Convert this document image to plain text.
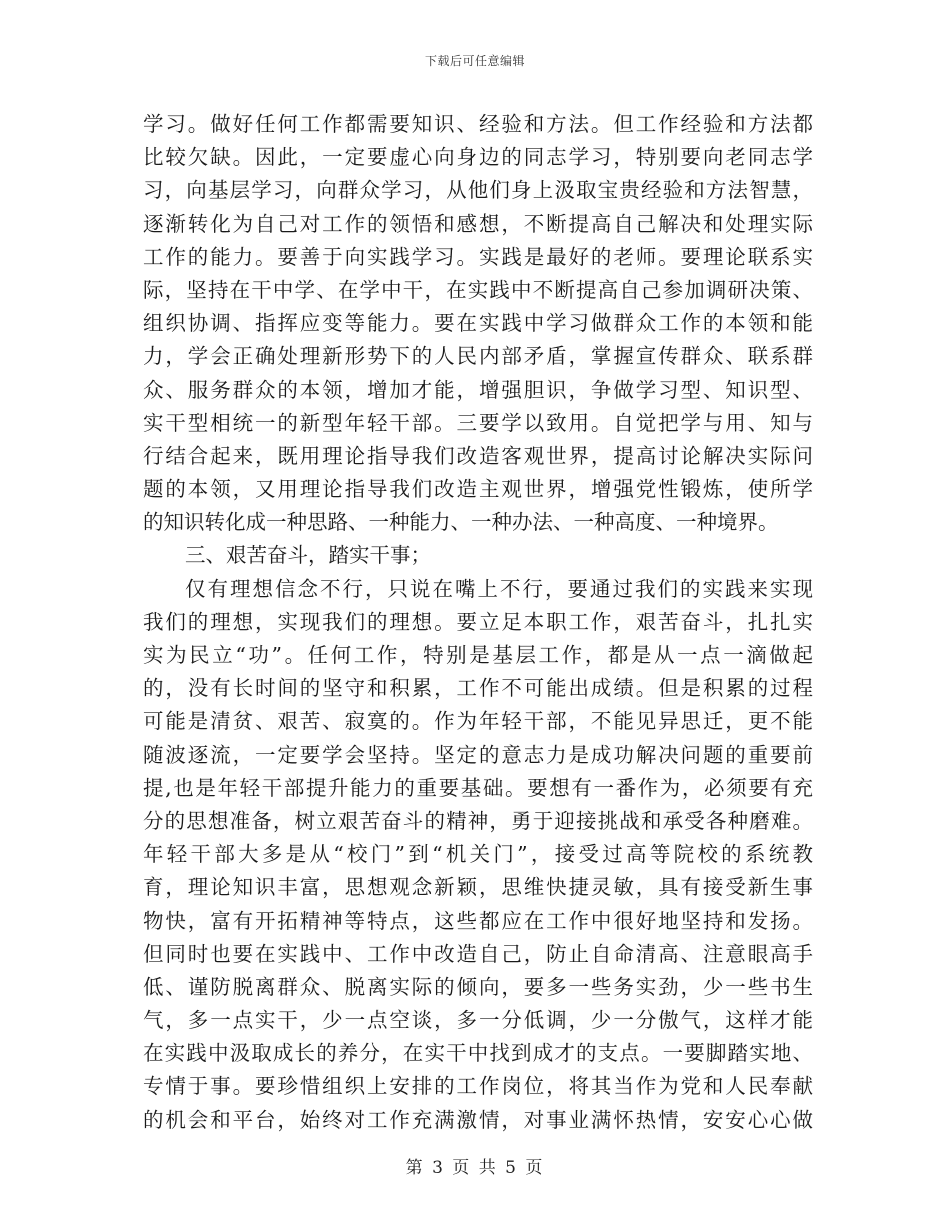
下载后可任意编辑
学习。做好任何工作都需要知识、经验和方法。但工作经验和方法都
比较欠缺。因此，一定要虚心向身边的同志学习，特别要向老同志学
习，向基层学习，向群众学习，从他们身上汲取宝贵经验和方法智慧，
逐渐转化为自己对工作的领悟和感想，不断提高自己解决和处理实际
工作的能力。要善于向实践学习。实践是最好的老师。要理论联系实
际，坚持在干中学、在学中干，在实践中不断提高自己参加调研决策、
组织协调、指挥应变等能力。要在实践中学习做群众工作的本领和能
力，学会正确处理新形势下的人民内部矛盾，掌握宣传群众、联系群
众、服务群众的本领，增加才能，增强胆识，争做学习型、知识型、
实干型相统一的新型年轻干部。三要学以致用。自觉把学与用、知与
行结合起来，既用理论指导我们改造客观世界，提高讨论解决实际问
题的本领，又用理论指导我们改造主观世界，增强党性锻炼，使所学
的知识转化成一种思路、一种能力、一种办法、一种高度、一种境界。
三、艰苦奋斗，踏实干事；
仅有理想信念不行，只说在嘴上不行，要通过我们的实践来实现
我们的理想，实现我们的理想。要立足本职工作，艰苦奋斗，扎扎实
实为民立“功”。任何工作，特别是基层工作，都是从一点一滴做起
的，没有长时间的坚守和积累，工作不可能出成绩。但是积累的过程
可能是清贫、艰苦、寂寞的。作为年轻干部，不能见异思迁，更不能
随波逐流，一定要学会坚持。坚定的意志力是成功解决问题的重要前
提,也是年轻干部提升能力的重要基础。要想有一番作为，必须要有充
分的思想准备，树立艰苦奋斗的精神，勇于迎接挑战和承受各种磨难。
年轻干部大多是从“校门”到“机关门”，接受过高等院校的系统教
育，理论知识丰富，思想观念新颖，思维快捷灵敏，具有接受新生事
物快，富有开拓精神等特点，这些都应在工作中很好地坚持和发扬。
但同时也要在实践中、工作中改造自己，防止自命清高、注意眼高手
低、谨防脱离群众、脱离实际的倾向，要多一些务实劲，少一些书生
气，多一点实干，少一点空谈，多一分低调，少一分傲气，这样才能
在实践中汲取成长的养分，在实干中找到成才的支点。一要脚踏实地、
专情于事。要珍惜组织上安排的工作岗位，将其当作为党和人民奉献
的机会和平台，始终对工作充满激情，对事业满怀热情，安安心心做
第 3 页 共 5 页
